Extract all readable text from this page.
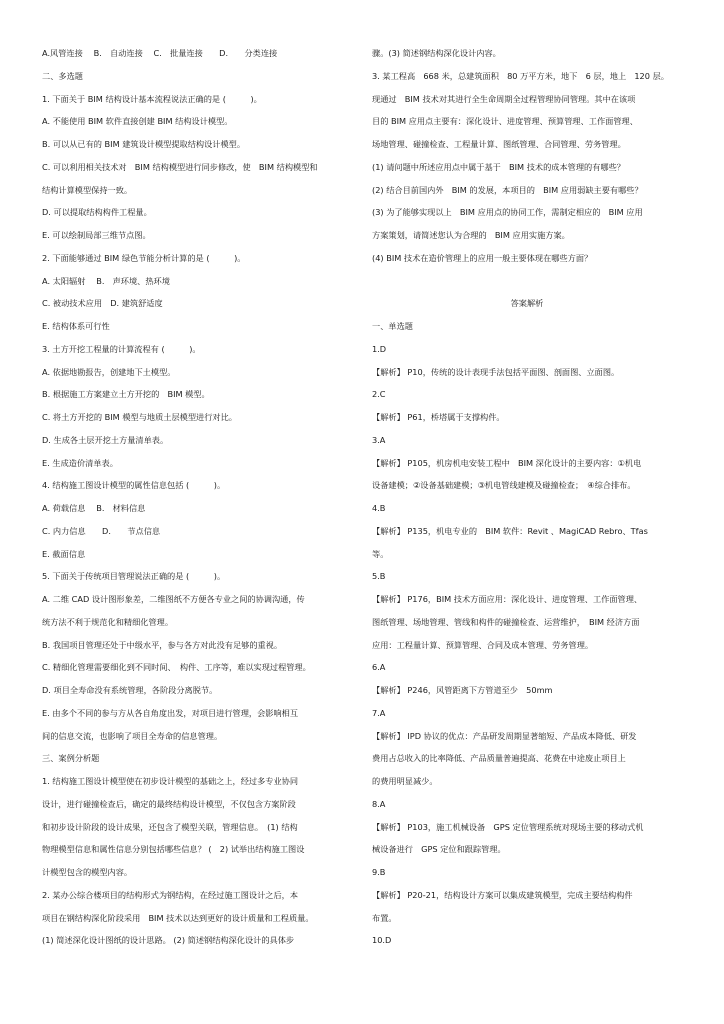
A.风管连接　 B.　自动连接　 C.　批量连接　　D.　　分类连接
二、多选题
1. 下面关于 BIM 结构设计基本流程说法正确的是 (　　　)。
A. 不能使用 BIM 软件直接创建 BIM 结构设计模型。
B. 可以从已有的 BIM 建筑设计模型提取结构设计模型。
C. 可以利用相关技术对　BIM 结构模型进行同步修改，使　BIM 结构模型和
结构计算模型保持一致。
D. 可以提取结构构件工程量。
E. 可以绘制局部三维节点图。
2. 下面能够通过 BIM 绿色节能分析计算的是 (　　　)。
A. 太阳辐射　 B.　声环境、热环境
C. 被动技术应用　D. 建筑舒适度
E. 结构体系可行性
3. 土方开挖工程量的计算流程有 (　　　)。
A. 依据地勘报告，创建地下土模型。
B. 根据施工方案建立土方开挖的　BIM 模型。
C. 将土方开挖的 BIM 模型与地质土层模型进行对比。
D. 生成各土层开挖土方量清单表。
E. 生成造价清单表。
4. 结构施工图设计模型的属性信息包括 (　　　)。
A. 荷载信息　 B.　材料信息
C. 内力信息　　D.　　节点信息
E. 截面信息
5. 下面关于传统项目管理说法正确的是 (　　　)。
A. 二维 CAD 设计图形象差，二维图纸不方便各专业之间的协调沟通，传
统方法不利于规范化和精细化管理。
B. 我国项目管理还处于中级水平，参与各方对此没有足够的重视。
C. 精细化管理需要细化到不同时间、　构件、工序等，难以实现过程管理。
D. 项目全寿命没有系统管理，各阶段分离脱节。
E. 由多个不同的参与方从各自角度出发，对项目进行管理，会影响相互
间的信息交流，也影响了项目全寿命的信息管理。
三、案例分析题
1. 结构施工图设计模型使在初步设计模型的基础之上，经过多专业协同
设计，进行碰撞检查后，确定的最终结构设计模型，不仅包含方案阶段
和初步设计阶段的设计成果，还包含了模型关联，管理信息。　(1) 结构
物理模型信息和属性信息分别包括哪些信息？ (　2) 试举出结构施工图设
计模型包含的模型内容。
2. 某办公综合楼项目的结构形式为钢结构，在经过施工图设计之后，本
项目在钢结构深化阶段采用　BIM 技术以达到更好的设计质量和工程质量。
(1) 简述深化设计图纸的设计思路。 (2) 简述钢结构深化设计的具体步
骤。(3) 简述钢结构深化设计内容。
3. 某工程高　668 米，总建筑面积　80 万平方米，地下　6 层，地上　120 层。
现通过　BIM 技术对其进行全生命周期全过程管理协同管理。其中在该项
目的 BIM 应用点主要有：深化设计、进度管理、预算管理、工作面管理、
场地管理、碰撞检查、工程量计算、图纸管理、合同管理、劳务管理。
(1) 请问题中所述应用点中属于基于　BIM 技术的成本管理的有哪些？
(2) 结合目前国内外　BIM 的发展，本项目的　BIM 应用弱缺主要有哪些？
(3) 为了能够实现以上　BIM 应用点的协同工作，需制定相应的　BIM 应用
方案策划，请简述您认为合理的　BIM 应用实施方案。
(4) BIM 技术在造价管理上的应用一般主要体现在哪些方面？
答案解析
一、单选题
1.D
【解析】 P10，传统的设计表现手法包括平面图、剖面图、立面图。
2.C
【解析】 P61，桥塔属于支撑构件。
3.A
【解析】 P105，机房机电安装工程中　BIM 深化设计的主要内容：①机电
设备建模；②设备基础建模；③机电管线建模及碰撞检查；　④综合排布。
4.B
【解析】 P135，机电专业的　BIM 软件：Revit 、MagiCAD Rebro、Tfas
等。
5.B
【解析】 P176，BIM 技术方面应用：深化设计、进度管理、工作面管理、
图纸管理、场地管理、管线和构件的碰撞检查、运营维护，　BIM 经济方面
应用：工程量计算、预算管理、合同及成本管理、劳务管理。
6.A
【解析】 P246，风管距离下方管道至少　50mm
7.A
【解析】 IPD 协议的优点：产品研发周期显著缩短、产品成本降低、研发
费用占总收入的比率降低、产品质量普遍提高、花费在中途废止项目上
的费用明显减少。
8.A
【解析】 P103，施工机械设备　GPS 定位管理系统对现场主要的移动式机
械设备进行　GPS 定位和跟踪管理。
9.B
【解析】 P20-21，结构设计方案可以集成建筑模型，完成主要结构构件
布置。
10.D
